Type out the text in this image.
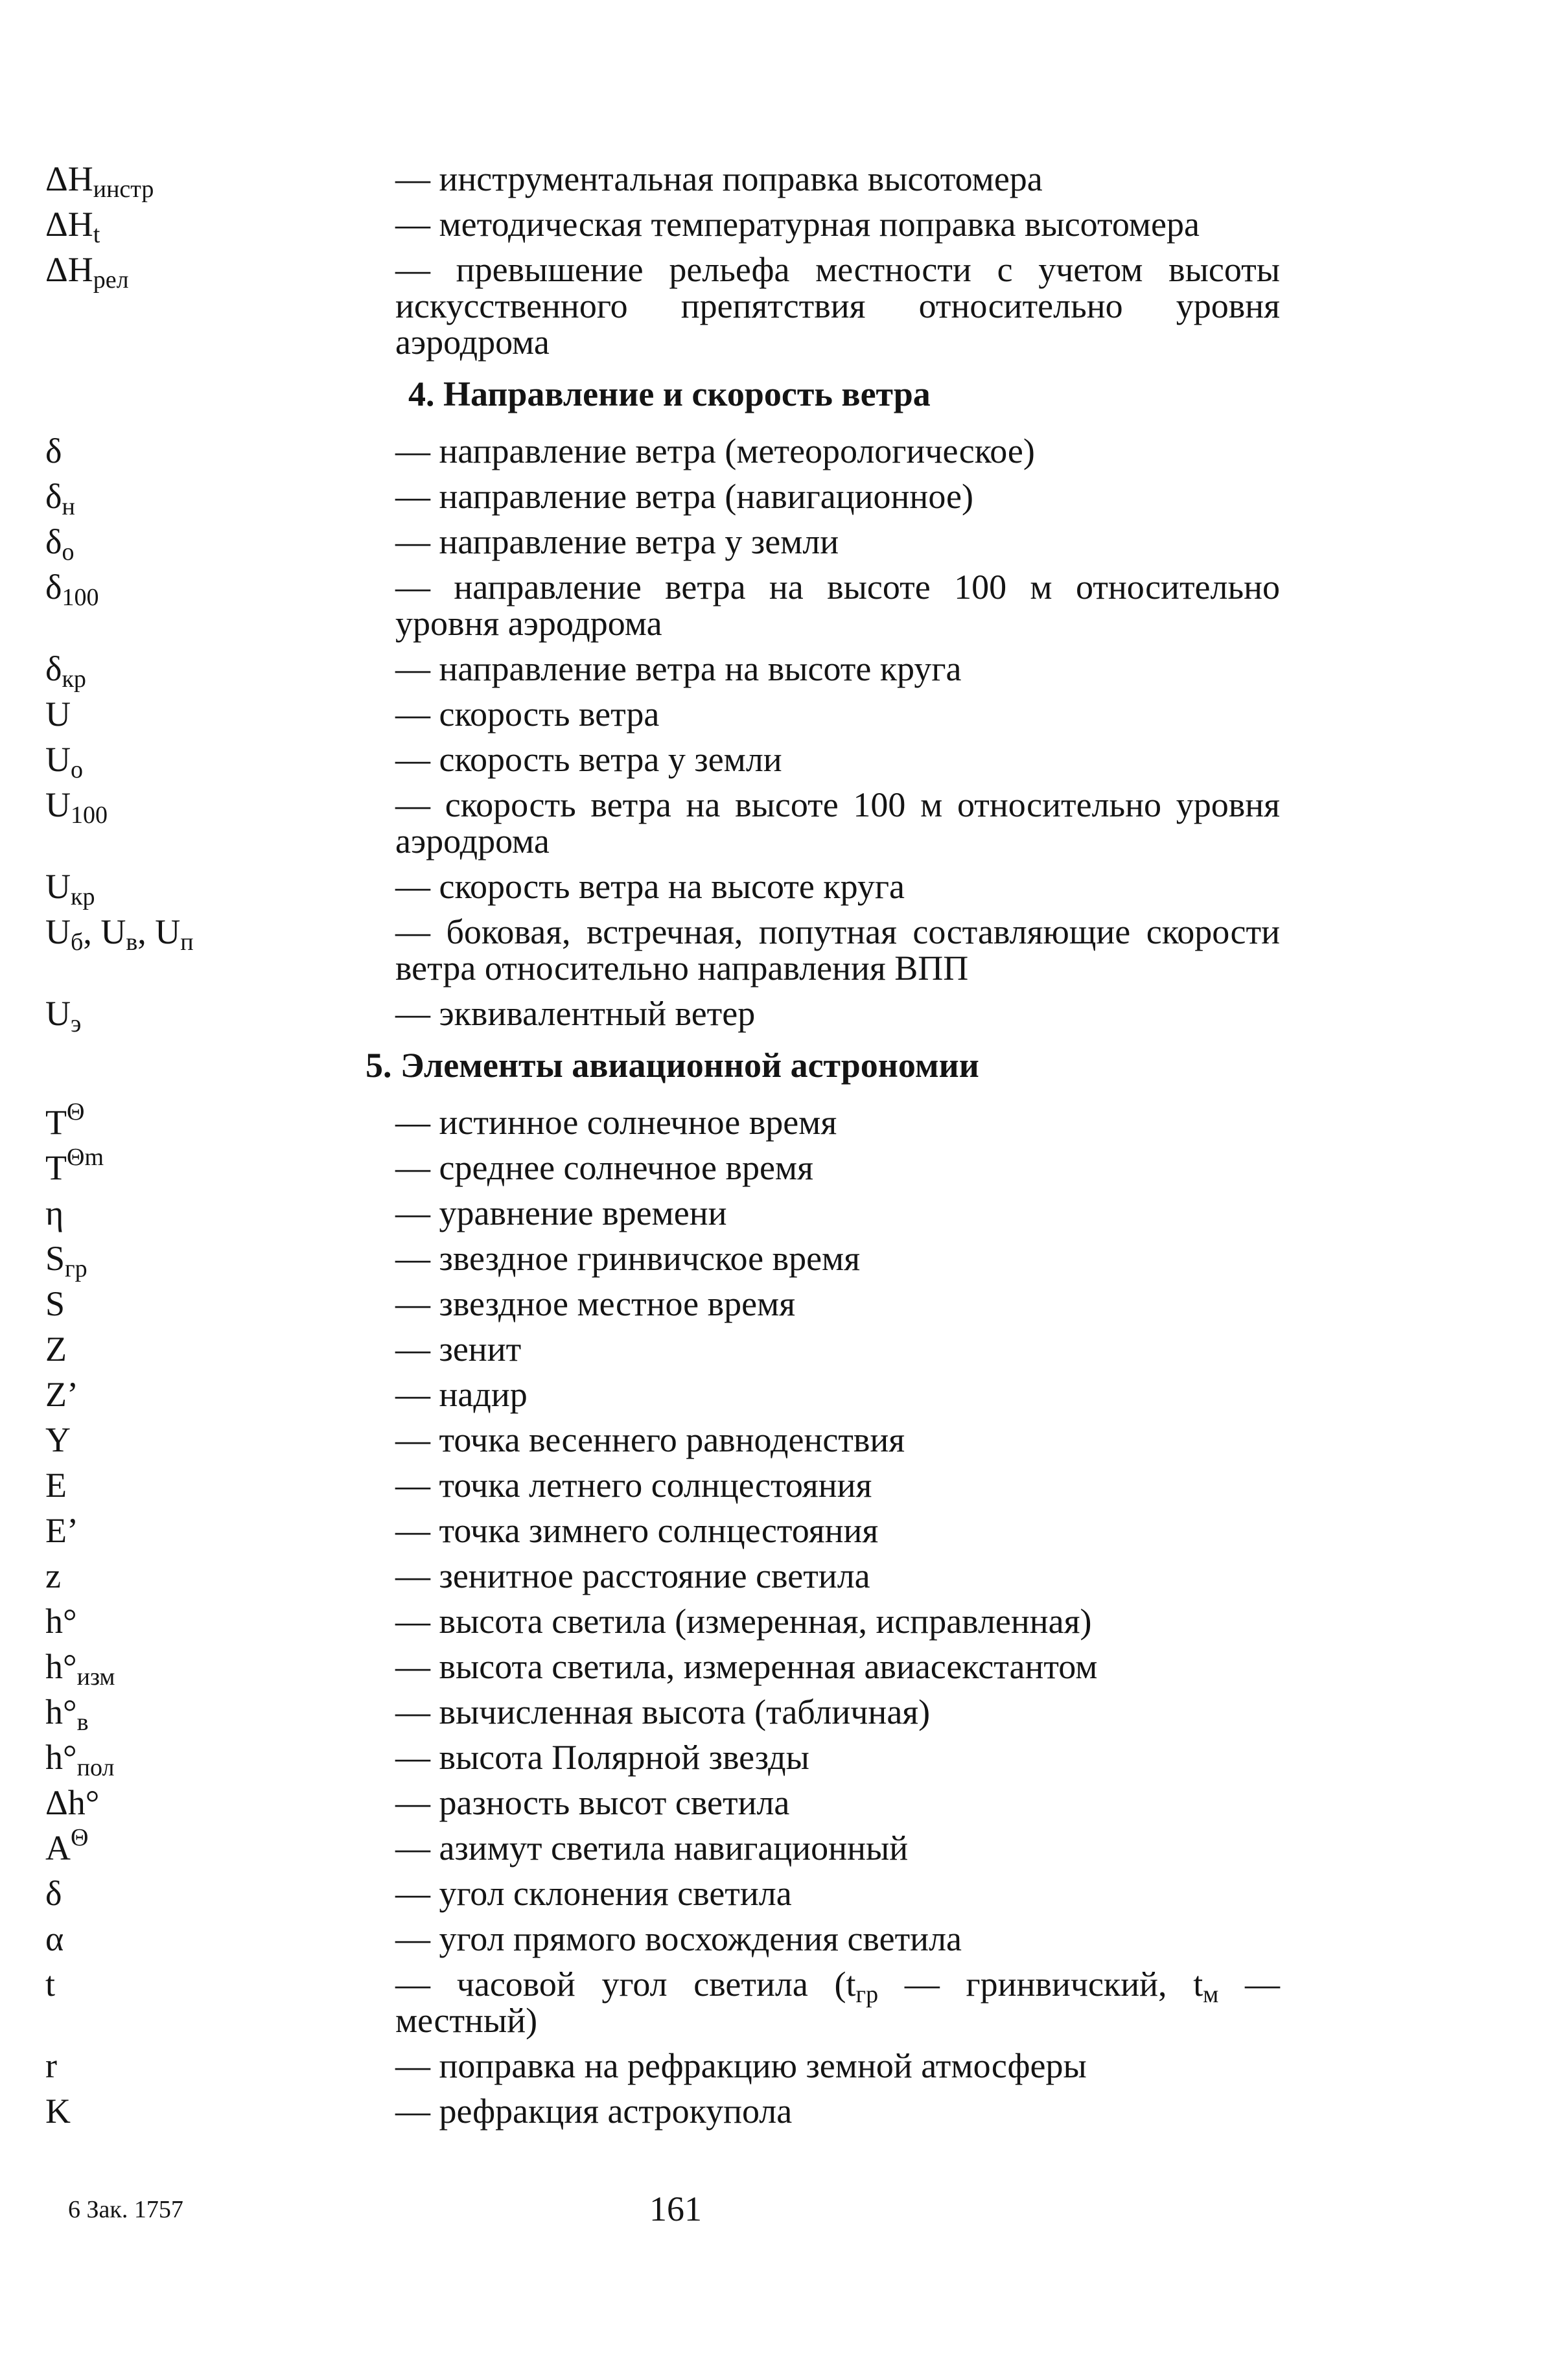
$\Delta H_{инстр}$	— инструментальная поправка высотомера
$\Delta H_t$	— методическая температурная поправка высотомера
$\Delta H_{рел}$	— превышение рельефа местности с учетом высоты искусственного препятствия относительно уровня аэродрома
4. Направление и скорость ветра
δ	— направление ветра (метеорологическое)
$\delta_н$	— направление ветра (навигационное)
$\delta_о$	— направление ветра у земли
$\delta_{100}$	— направление ветра на высоте 100 м относительно уровня аэродрома
$\delta_{кр}$	— направление ветра на высоте круга
U	— скорость ветра
$U_о$	— скорость ветра у земли
$U_{100}$	— скорость ветра на высоте 100 м относительно уровня аэродрома
$U_{кр}$	— скорость ветра на высоте круга
$U_б$, $U_в$, $U_п$	— боковая, встречная, попутная составляющие скорости ветра относительно направления ВПП
$U_э$	— эквивалентный ветер
5. Элементы авиационной астрономии
$T^\Theta$	— истинное солнечное время
$T^{\Theta m}$	— среднее солнечное время
η	— уравнение времени
$S_{гр}$	— звездное гринвичское время
S	— звездное местное время
Z	— зенит
Z’	— надир
Y	— точка весеннего равноденствия
E	— точка летнего солнцестояния
E’	— точка зимнего солнцестояния
z	— зенитное расстояние светила
h°	— высота светила (измеренная, исправленная)
$h^\circ_{изм}$	— высота светила, измеренная авиасекстантом
$h^\circ_в$	— вычисленная высота (табличная)
$h^\circ_{пол}$	— высота Полярной звезды
Δh°	— разность высот светила
$A^\Theta$	— азимут светила навигационный
δ	— угол склонения светила
α	— угол прямого восхождения светила
t	— часовой угол светила ($t_{гр}$ — гринвичский, $t_м$ — местный)
r	— поправка на рефракцию земной атмосферы
K	— рефракция астрокупола
6 Зак. 1757	161
